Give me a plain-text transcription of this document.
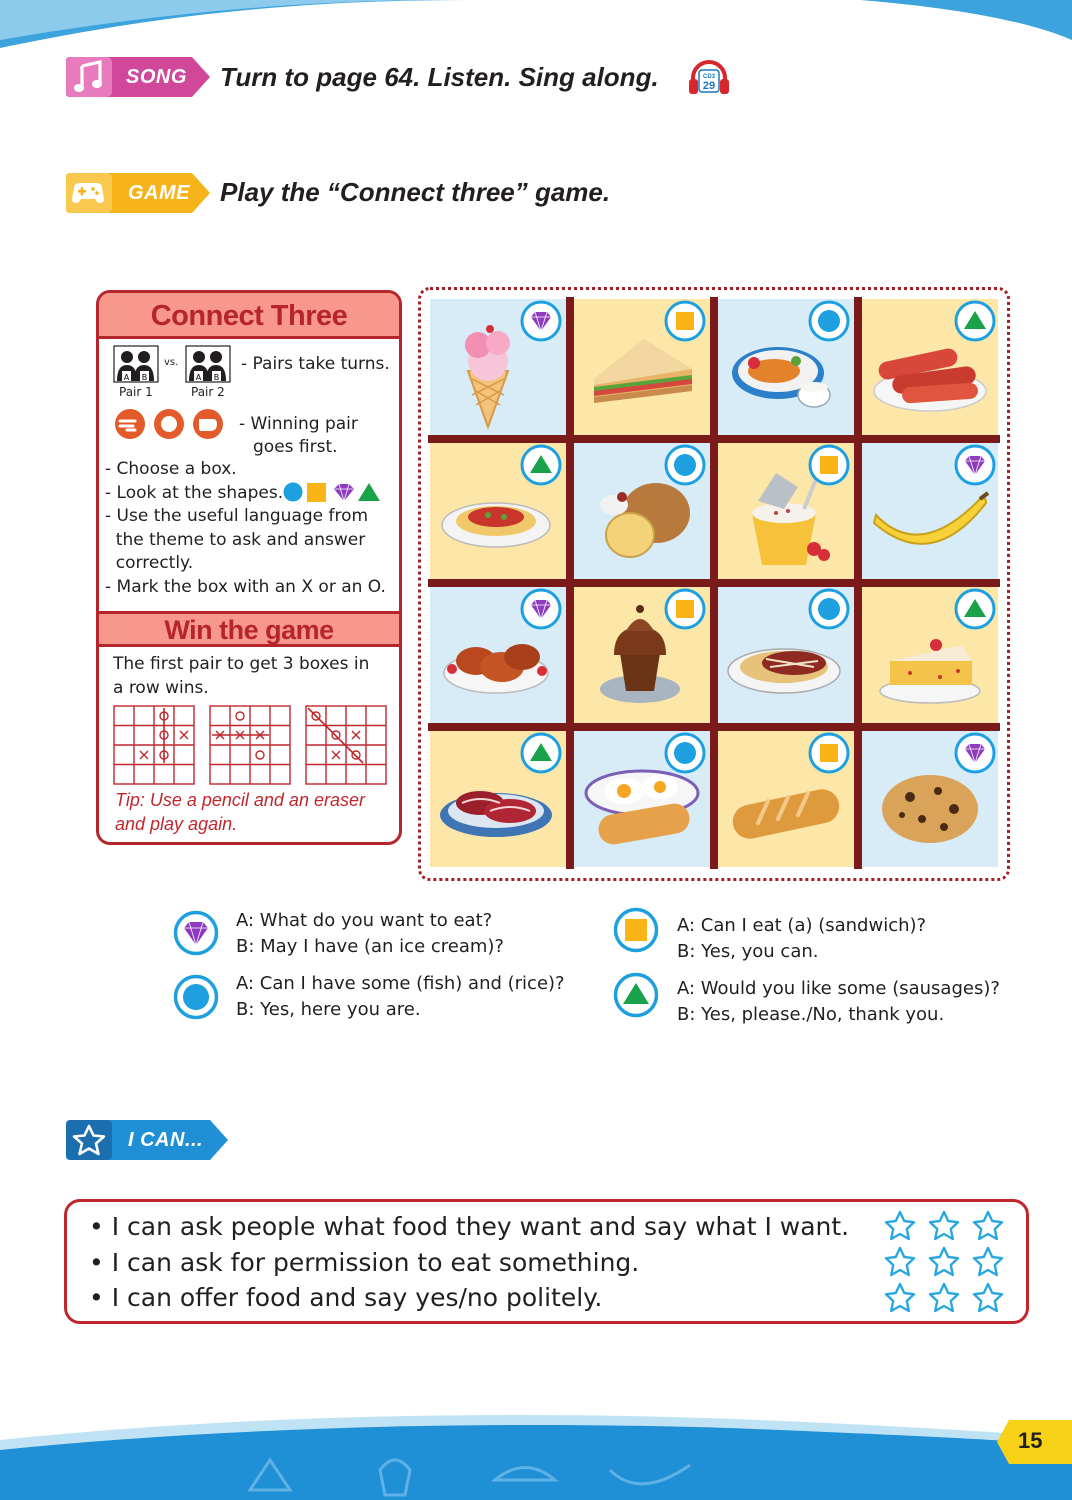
SONG Turn to page 64. Listen. Sing along.	CD3
29
GAME Play the “Connect three” game.
Connect Three
A B
vs.
A B
Pair 1	Pair 2
- Pairs take turns.
- Winning pair
goes first.
- Choose a box.
- Look at the shapes.
- Use the useful language from
the theme to ask and answer
correctly.
- Mark the box with an X or an O.
Win the game
The first pair to get 3 boxes in
a row wins.
Tip: Use a pencil and an eraser
and play again.
A: What do you want to eat?
B: May I have (an ice cream)?
A: Can I have some (fish) and (rice)?
B: Yes, here you are.
A: Can I eat (a) (sandwich)?
B: Yes, you can.
A: Would you like some (sausages)?
B: Yes, please./No, thank you.
I CAN...
• I can ask people what food they want and say what I want.
• I can ask for permission to eat something.
• I can offer food and say yes/no politely.
15
